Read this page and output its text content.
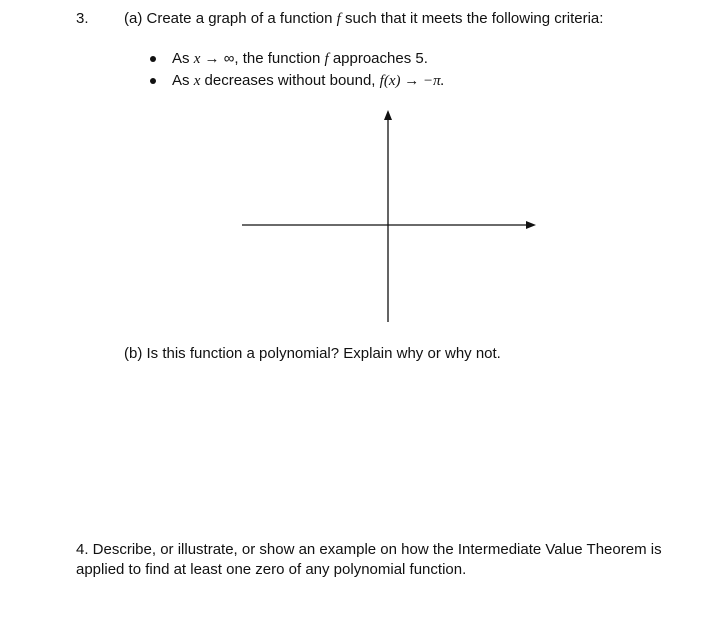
3. (a) Create a graph of a function f such that it meets the following criteria:
As x → ∞, the function f approaches 5.
As x decreases without bound, f(x) → −π.
(b) Is this function a polynomial? Explain why or why not.
4. Describe, or illustrate, or show an example on how the Intermediate Value Theorem is
applied to find at least one zero of any polynomial function.
